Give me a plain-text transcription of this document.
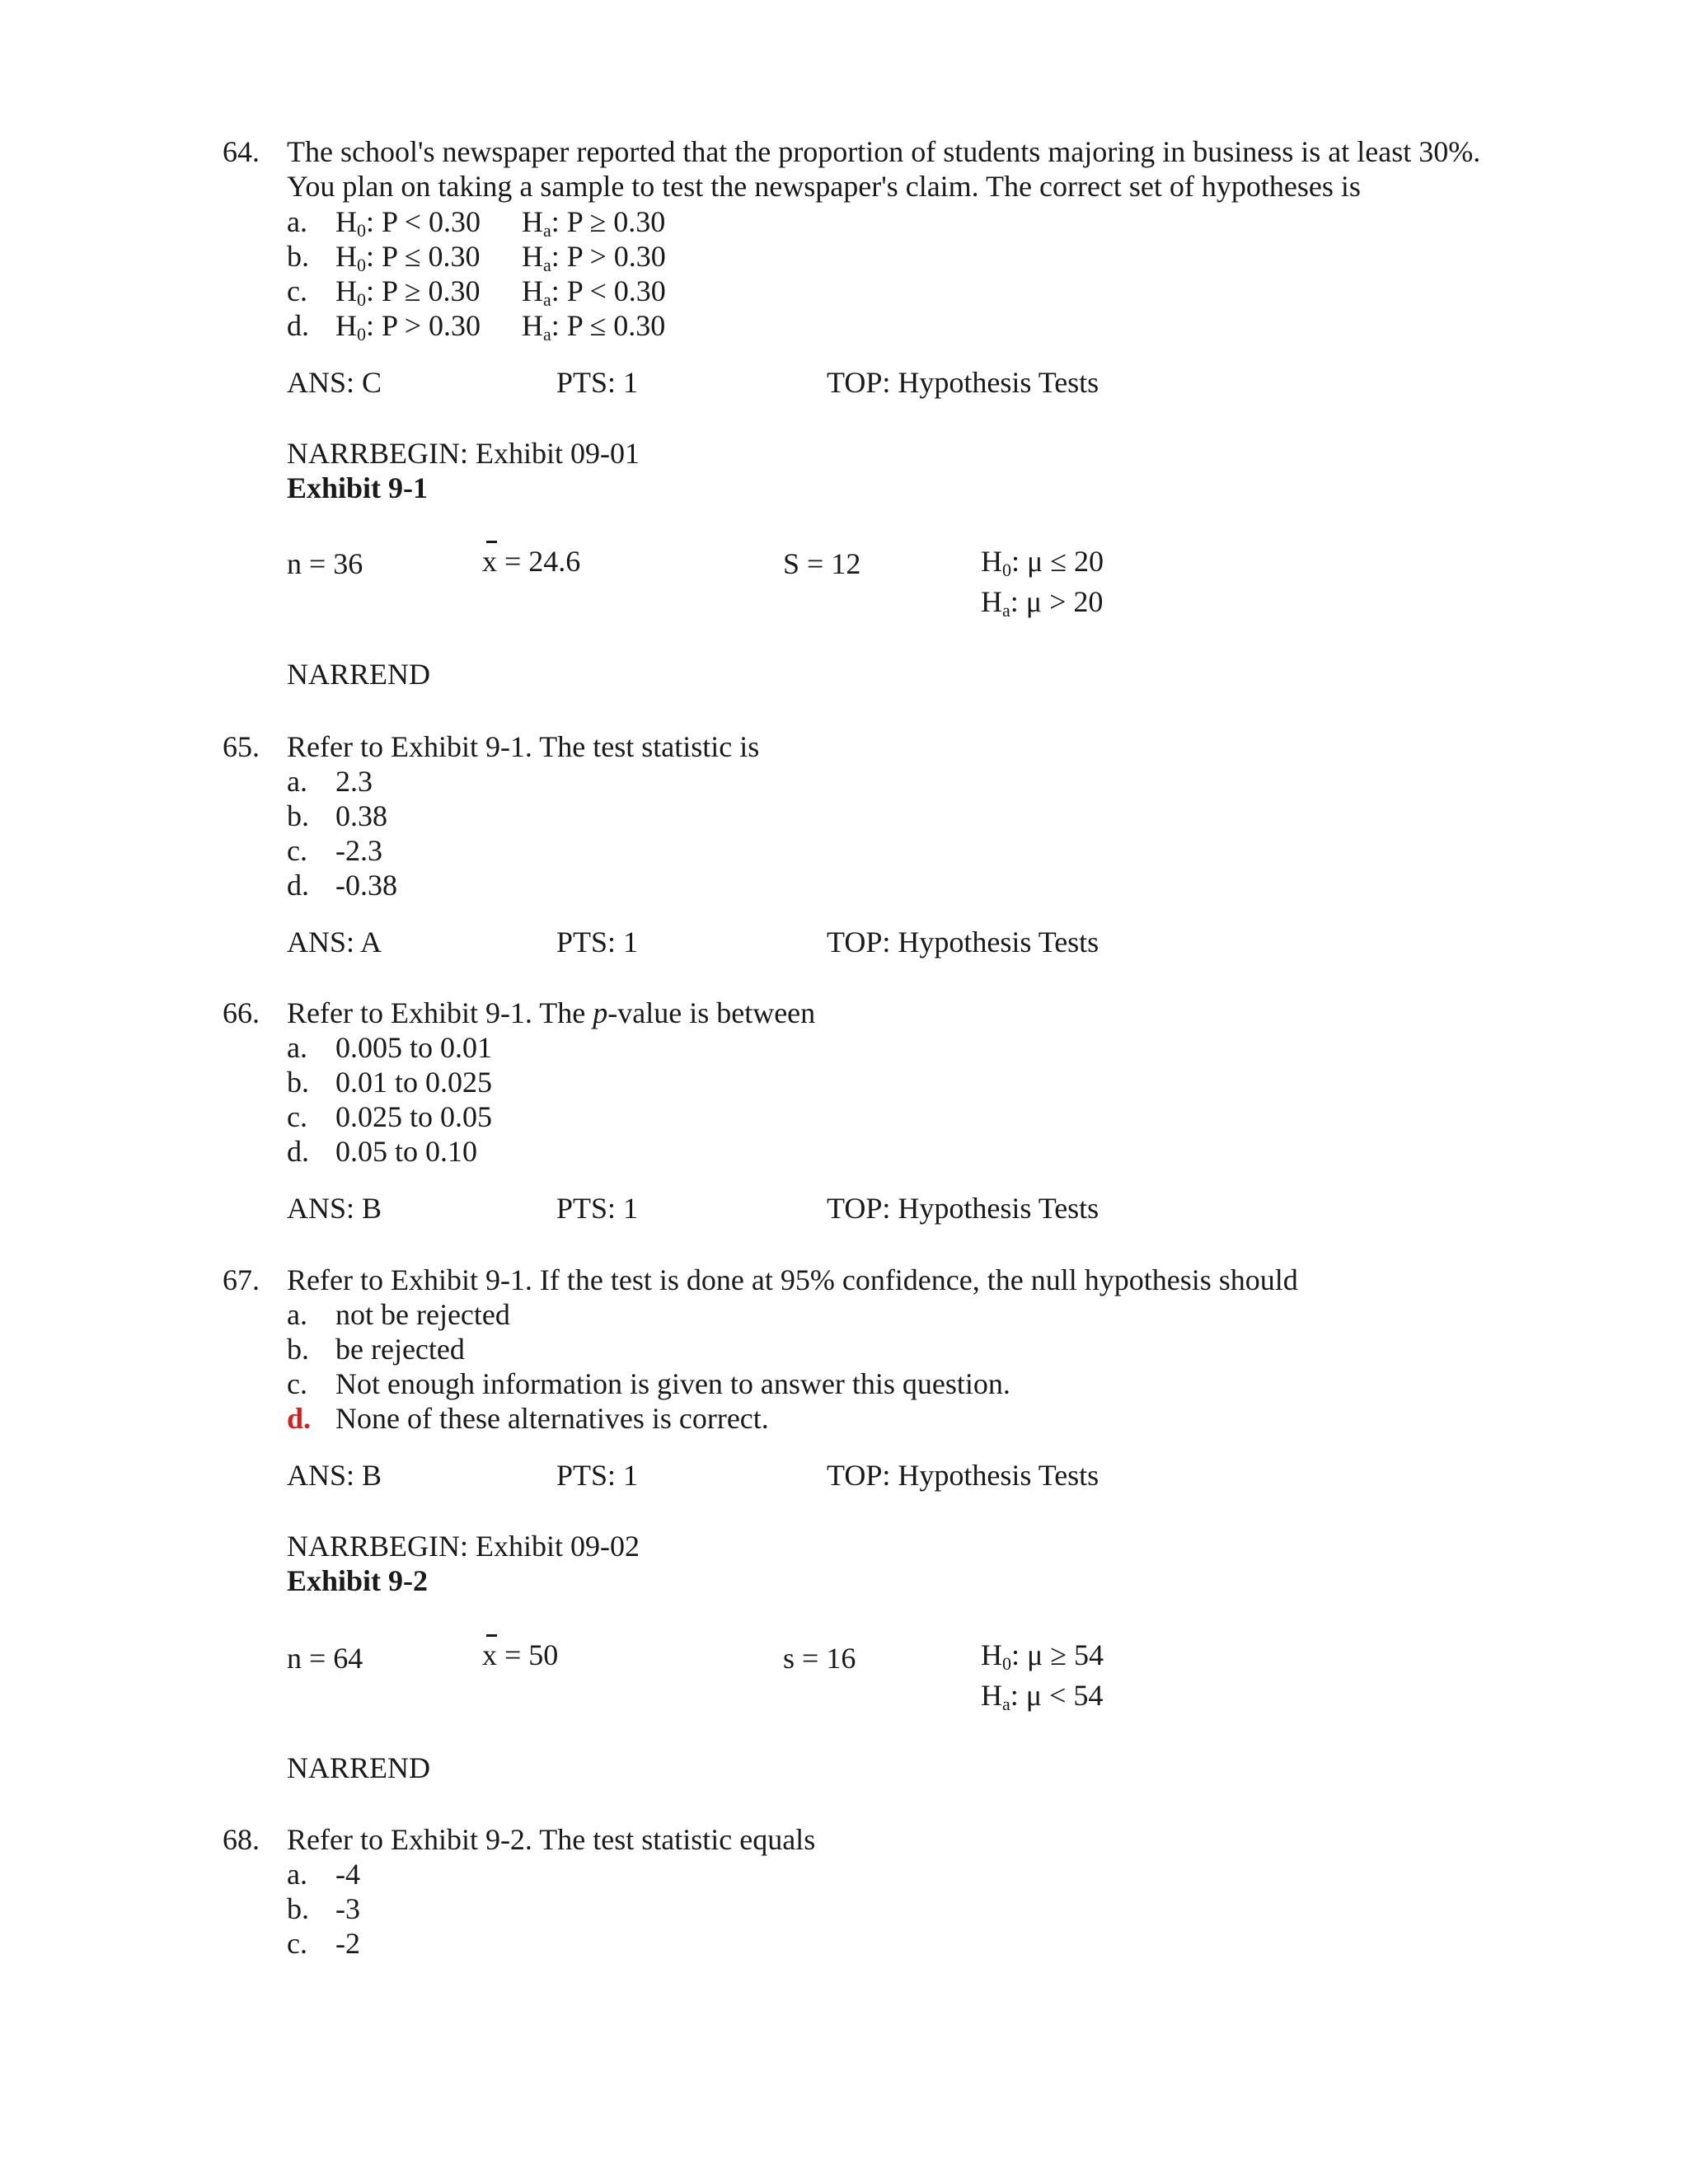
64. The school's newspaper reported that the proportion of students majoring in business is at least 30%.
You plan on taking a sample to test the newspaper's claim. The correct set of hypotheses is
a. $H_0$: P < 0.30 $H_a$: P ≥ 0.30
b. $H_0$: P ≤ 0.30 $H_a$: P > 0.30
c. $H_0$: P ≥ 0.30 $H_a$: P < 0.30
d. $H_0$: P > 0.30 $H_a$: P ≤ 0.30
ANS: C	PTS: 1	TOP: Hypothesis Tests
NARRBEGIN: Exhibit 09-01
Exhibit 9-1
n = 36	x = 24.6	S = 12	$H_0$: μ ≤ 20
$H_a$: μ > 20
NARREND
65. Refer to Exhibit 9-1. The test statistic is
a. 2.3
b. 0.38
c. -2.3
d. -0.38
ANS: A	PTS: 1	TOP: Hypothesis Tests
66. Refer to Exhibit 9-1. The p-value is between
a. 0.005 to 0.01
b. 0.01 to 0.025
c. 0.025 to 0.05
d. 0.05 to 0.10
ANS: B	PTS: 1	TOP: Hypothesis Tests
67. Refer to Exhibit 9-1. If the test is done at 95% confidence, the null hypothesis should
a. not be rejected
b. be rejected
c. Not enough information is given to answer this question.
d. None of these alternatives is correct.
ANS: B	PTS: 1	TOP: Hypothesis Tests
NARRBEGIN: Exhibit 09-02
Exhibit 9-2
n = 64	x = 50	s = 16	$H_0$: μ ≥ 54
$H_a$: μ < 54
NARREND
68. Refer to Exhibit 9-2. The test statistic equals
a. -4
b. -3
c. -2
